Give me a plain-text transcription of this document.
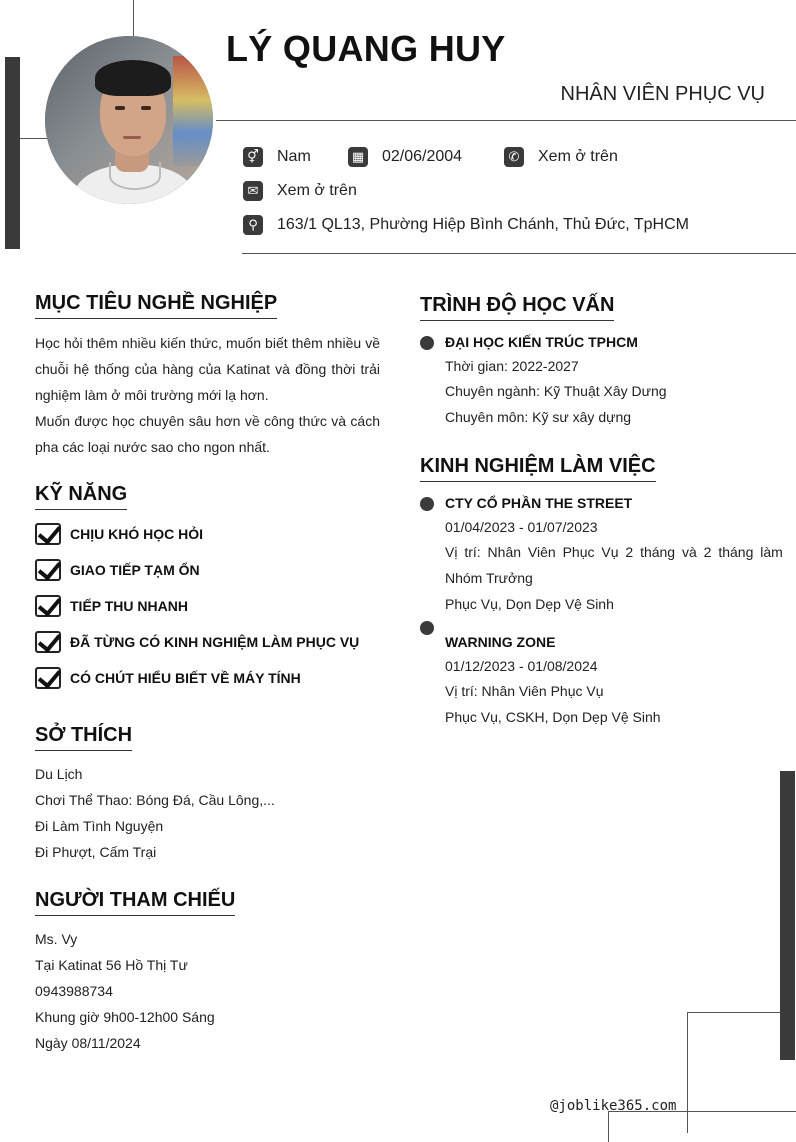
LÝ QUANG HUY
NHÂN VIÊN PHỤC VỤ
⚥ Nam	▦ 02/06/2004	✆ Xem ở trên
✉ Xem ở trên
⚲	163/1 QL13, Phường Hiệp Bình Chánh, Thủ Đức, TpHCM
MỤC TIÊU NGHỀ NGHIỆP

Học hỏi thêm nhiều kiến thức, muốn biết thêm nhiều về chuỗi hệ thống của hàng của Katinat và đồng thời trải nghiệm làm ở môi trường mới lạ hơn.

Muốn được học chuyên sâu hơn về công thức và cách pha các loại nước sao cho ngon nhất.

KỸ NĂNG
CHỊU KHÓ HỌC HỎI
GIAO TIẾP TẠM ỔN
TIẾP THU NHANH
ĐÃ TỪNG CÓ KINH NGHIỆM LÀM PHỤC VỤ
CÓ CHÚT HIỂU BIẾT VỀ MÁY TÍNH
SỞ THÍCH
Du Lịch
Chơi Thể Thao: Bóng Đá, Cầu Lông,...
Đi Làm Tình Nguyện
Đi Phượt, Cấm Trại
NGƯỜI THAM CHIẾU
Ms. Vy
Tại Katinat 56 Hồ Thị Tư
0943988734
Khung giờ 9h00-12h00 Sáng
Ngày 08/11/2024
TRÌNH ĐỘ HỌC VẤN
ĐẠI HỌC KIẾN TRÚC TPHCM
Thời gian: 2022-2027
Chuyên ngành: Kỹ Thuật Xây Dưng
Chuyên môn: Kỹ sư xây dựng
KINH NGHIỆM LÀM VIỆC
CTY CỔ PHẦN THE STREET
01/04/2023 - 01/07/2023
Vị trí: Nhân Viên Phục Vụ 2 tháng và 2 tháng làm
Nhóm Trưởng
Phục Vụ, Dọn Dẹp Vệ Sinh
WARNING ZONE
01/12/2023 - 01/08/2024
Vị trí: Nhân Viên Phục Vụ
Phục Vụ, CSKH, Dọn Dẹp Vệ Sinh
@joblike365.com
